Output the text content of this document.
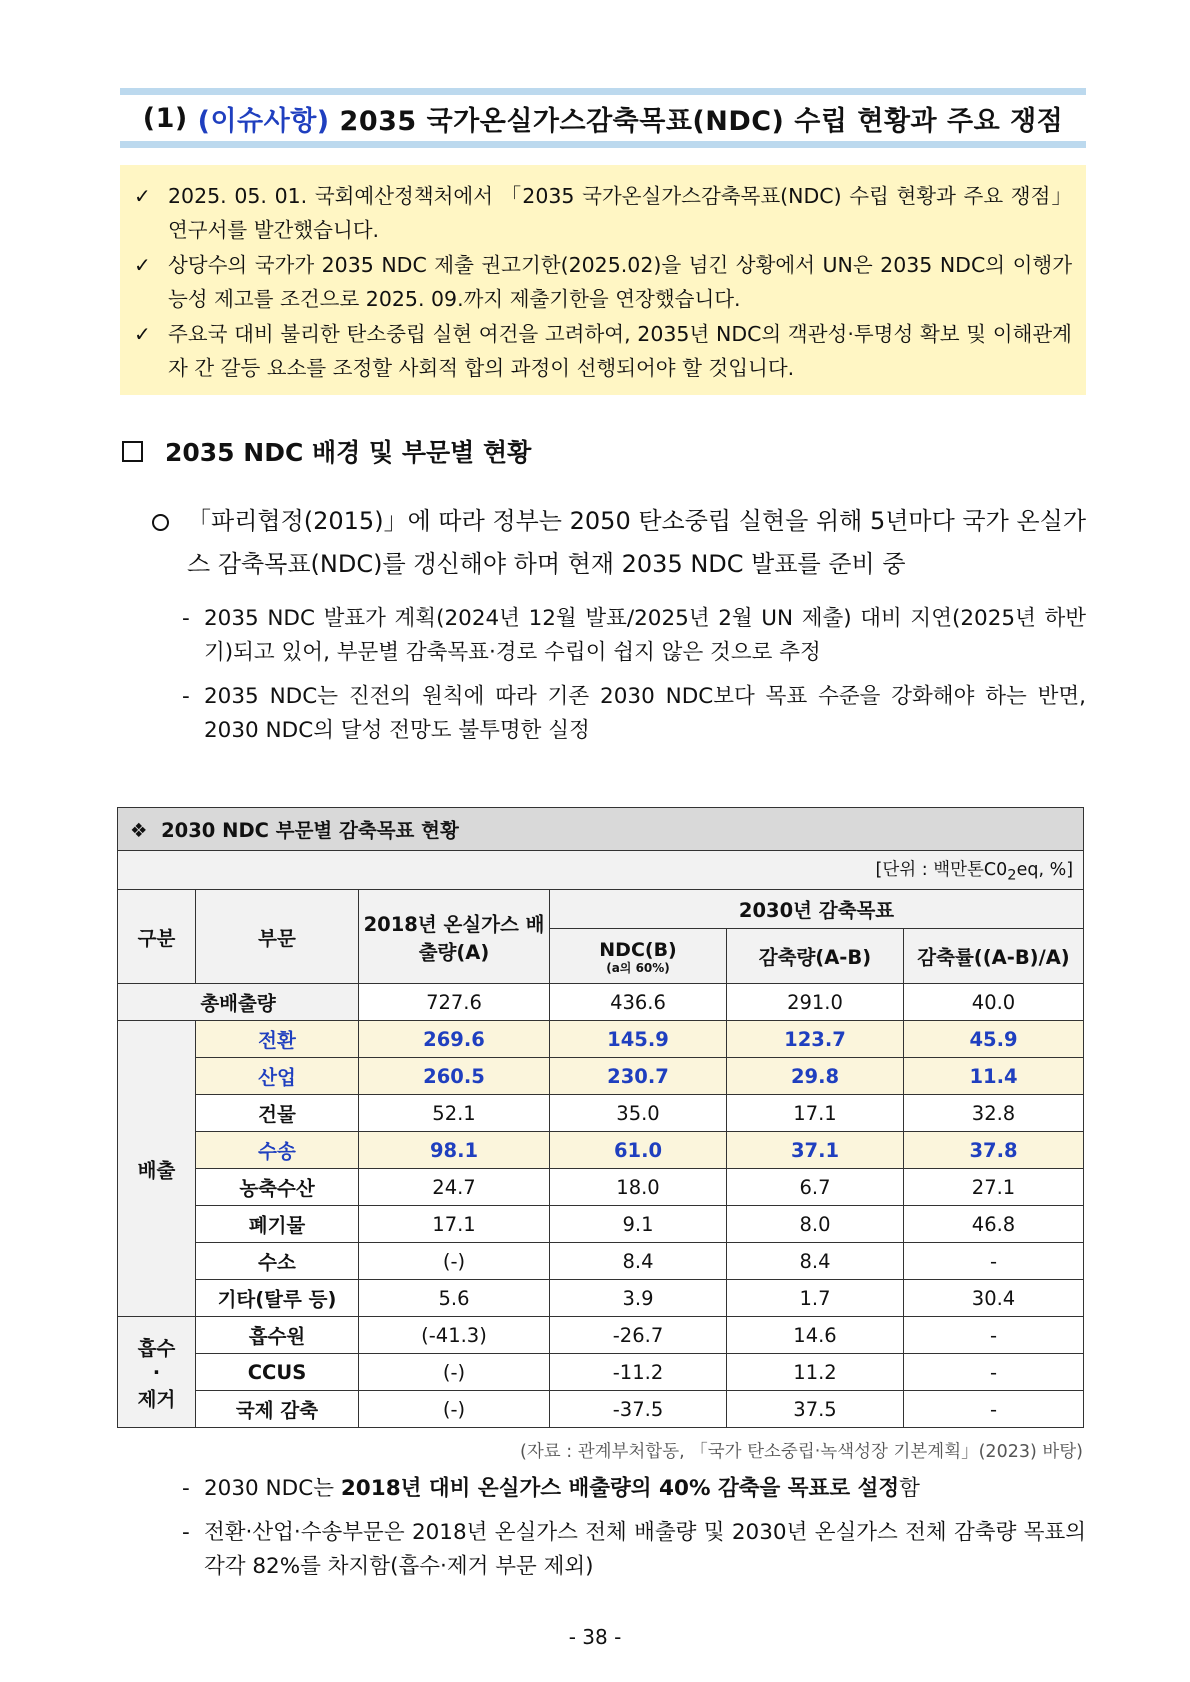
(1)
(이슈사항)
2035 국가온실가스감축목표(NDC) 수립 현황과 주요 쟁점
✓ 2025. 05. 01. 국회예산정책처에서 「2035 국가온실가스감축목표(NDC) 수립 현황과 주요 쟁점」 연구서를 발간했습니다.
✓ 상당수의 국가가 2035 NDC 제출 권고기한(2025.02)을 넘긴 상황에서 UN은 2035 NDC의 이행가능성 제고를 조건으로 2025. 09.까지 제출기한을 연장했습니다.
✓ 주요국 대비 불리한 탄소중립 실현 여건을 고려하여, 2035년 NDC의 객관성‧투명성 확보 및 이해관계자 간 갈등 요소를 조정할 사회적 합의 과정이 선행되어야 할 것입니다.
2035 NDC 배경 및 부문별 현황
「파리협정(2015)」에 따라 정부는 2050 탄소중립 실현을 위해 5년마다 국가 온실가스 감축목표(NDC)를 갱신해야 하며 현재 2035 NDC 발표를 준비 중
- 2035 NDC 발표가 계획(2024년 12월 발표/2025년 2월 UN 제출) 대비 지연(2025년 하반기)되고 있어, 부문별 감축목표‧경로 수립이 쉽지 않은 것으로 추정
- 2035 NDC는 진전의 원칙에 따라 기존 2030 NDC보다 목표 수준을 강화해야 하는 반면, 2030 NDC의 달성 전망도 불투명한 실정
❖ 2030 NDC 부문별 감축목표 현황					
[단위 : 백만톤$C0_2eq$, %]					
구분	부문	2018년 온실가스 배출량(A)	2030년 감축목표		
			NDC(B)
(a의 60%)	감축량(A-B)	감축률((A-B)/A)
총배출량		727.6	436.6	291.0	40.0
배출	전환	269.6	145.9	123.7	45.9
	산업	260.5	230.7	29.8	11.4
	건물	52.1	35.0	17.1	32.8
	수송	98.1	61.0	37.1	37.8
	농축수산	24.7	18.0	6.7	27.1
	폐기물	17.1	9.1	8.0	46.8
	수소	(-)	8.4	8.4	-
	기타(탈루 등)	5.6	3.9	1.7	30.4

흡수
·
제거	흡수원	(-41.3)	-26.7	14.6	-
	CCUS	(-)	-11.2	11.2	-
	국제 감축	(-)	-37.5	37.5	-
(자료 : 관계부처합동, 「국가 탄소중립‧녹색성장 기본계획」(2023) 바탕)
- 2030 NDC는 2018년 대비 온실가스 배출량의 40% 감축을 목표로 설정함
- 전환‧산업‧수송부문은 2018년 온실가스 전체 배출량 및 2030년 온실가스 전체 감축량 목표의 각각 82%를 차지함(흡수‧제거 부문 제외)
- 38 -
